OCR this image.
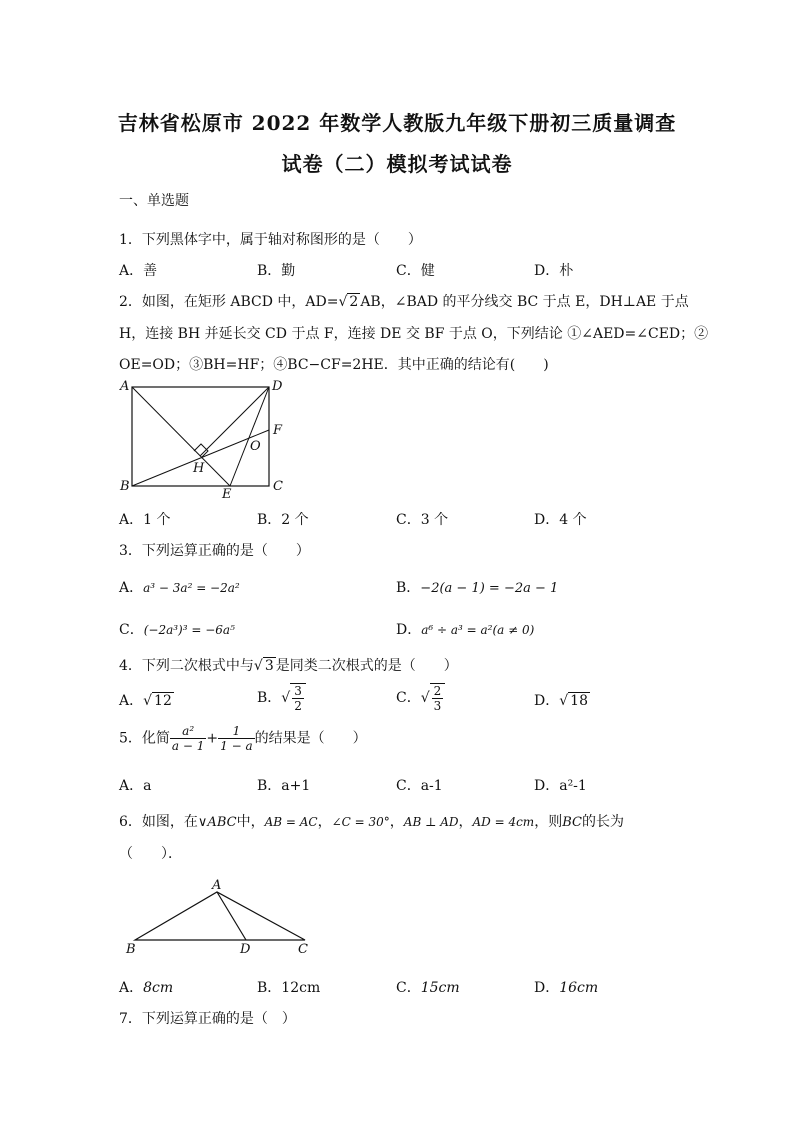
吉林省松原市 2022 年数学人教版九年级下册初三质量调查
试卷（二）模拟考试试卷
一、单选题
1．下列黑体字中，属于轴对称图形的是（　　）
A．善	B．勤	C．健	D．朴
2．如图，在矩形 ABCD 中，AD=√ 2 AB，∠BAD 的平分线交 BC 于点 E，DH⊥AE 于点
H，连接 BH 并延长交 CD 于点 F，连接 DE 交 BF 于点 O，下列结论 ①∠AED=∠CED；②
OE=OD；③BH=HF；④BC−CF=2HE．其中正确的结论有(　　)
A	D
F
O
H
B
E
C
A．1 个	B．2 个	C．3 个	D．4 个
3．下列运算正确的是（　　）
A．a³ − 3a² = −2a²	B．−2(a − 1) = −2a − 1
C．(−2a³)³ = −6a⁵	D．a⁶ ÷ a³ = a²(a ≠ 0)
4．下列二次根式中与√ 3 是同类二次根式的是（　　）
A．√ 12	B．√ $\frac{3}{2}$	C．√ $\frac{2}{3}$	D．√ 18
5．化简 $\frac{\text{a²}}{a - 1} + \frac{1}{1 - a}$ 的结果是（　　）
A．a	B．a+1	C．a-1	D．a²-1
6．如图，在∨ABC中，AB = AC，∠C = 30°，AB ⊥ AD，AD = 4cm，则BC的长为
（　　）．
A
B	D	C
A．8cm	B．12cm	C．15cm	D．16cm
7．下列运算正确的是（　）
